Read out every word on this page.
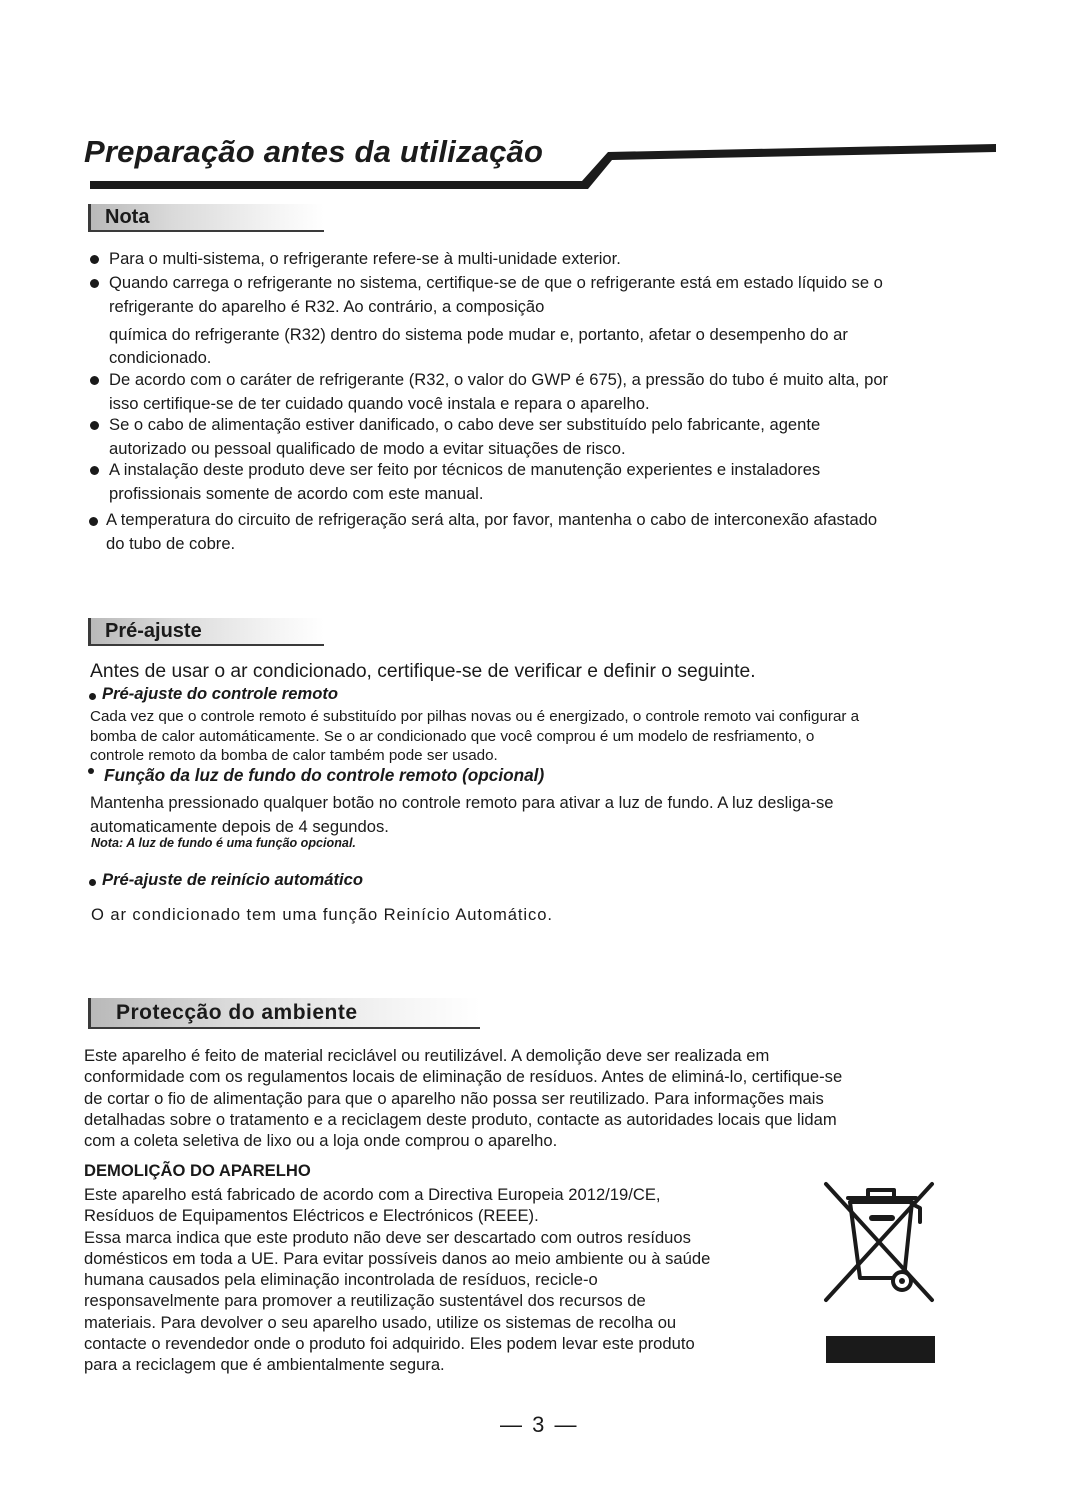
Preparação antes da utilização
Nota
Para o multi-sistema, o refrigerante refere-se à multi-unidade exterior.
Quando carrega o refrigerante no sistema, certifique-se de que o refrigerante está em estado líquido se o
refrigerante do aparelho é R32. Ao contrário, a composição
química do refrigerante (R32) dentro do sistema pode mudar e, portanto, afetar o desempenho do ar
condicionado.
De acordo com o caráter de refrigerante (R32, o valor do GWP é 675), a pressão do tubo é muito alta, por
isso certifique-se de ter cuidado quando você instala e repara o aparelho.
Se o cabo de alimentação estiver danificado, o cabo deve ser substituído pelo fabricante, agente
autorizado ou pessoal qualificado de modo a evitar situações de risco.
A instalação deste produto deve ser feito por técnicos de manutenção experientes e instaladores
profissionais somente de acordo com este manual.
A temperatura do circuito de refrigeração será alta, por favor, mantenha o cabo de interconexão afastado
do tubo de cobre.
Pré-ajuste
Antes de usar o ar condicionado, certifique-se de verificar e definir o seguinte.
Pré-ajuste do controle remoto
Cada vez que o controle remoto é substituído por pilhas novas ou é energizado, o controle remoto vai configurar a
bomba de calor automáticamente. Se o ar condicionado que você comprou é um modelo de resfriamento, o
controle remoto da bomba de calor também pode ser usado.
Função da luz de fundo do controle remoto (opcional)
Mantenha pressionado qualquer botão no controle remoto para ativar a luz de fundo. A luz desliga-se
automaticamente depois de 4 segundos.
Nota: A luz de fundo é uma função opcional.
Pré-ajuste de reinício automático
O ar condicionado tem uma função Reinício Automático.
Protecção do ambiente
Este aparelho é feito de material reciclável ou reutilizável. A demolição deve ser realizada em
conformidade com os regulamentos locais de eliminação de resíduos. Antes de eliminá-lo, certifique-se
de cortar o fio de alimentação para que o aparelho não possa ser reutilizado. Para informações mais
detalhadas sobre o tratamento e a reciclagem deste produto, contacte as autoridades locais que lidam
com a coleta seletiva de lixo ou a loja onde comprou o aparelho.
DEMOLIÇÃO DO APARELHO
Este aparelho está fabricado de acordo com a Directiva Europeia 2012/19/CE,
Resíduos de Equipamentos Eléctricos e Electrónicos (REEE).
Essa marca indica que este produto não deve ser descartado com outros resíduos
domésticos em toda a UE. Para evitar possíveis danos ao meio ambiente ou à saúde
humana causados pela eliminação incontrolada de resíduos, recicle-o
responsavelmente para promover a reutilização sustentável dos recursos de
materiais. Para devolver o seu aparelho usado, utilize os sistemas de recolha ou
contacte o revendedor onde o produto foi adquirido. Eles podem levar este produto
para a reciclagem que é ambientalmente segura.
— 3 —
